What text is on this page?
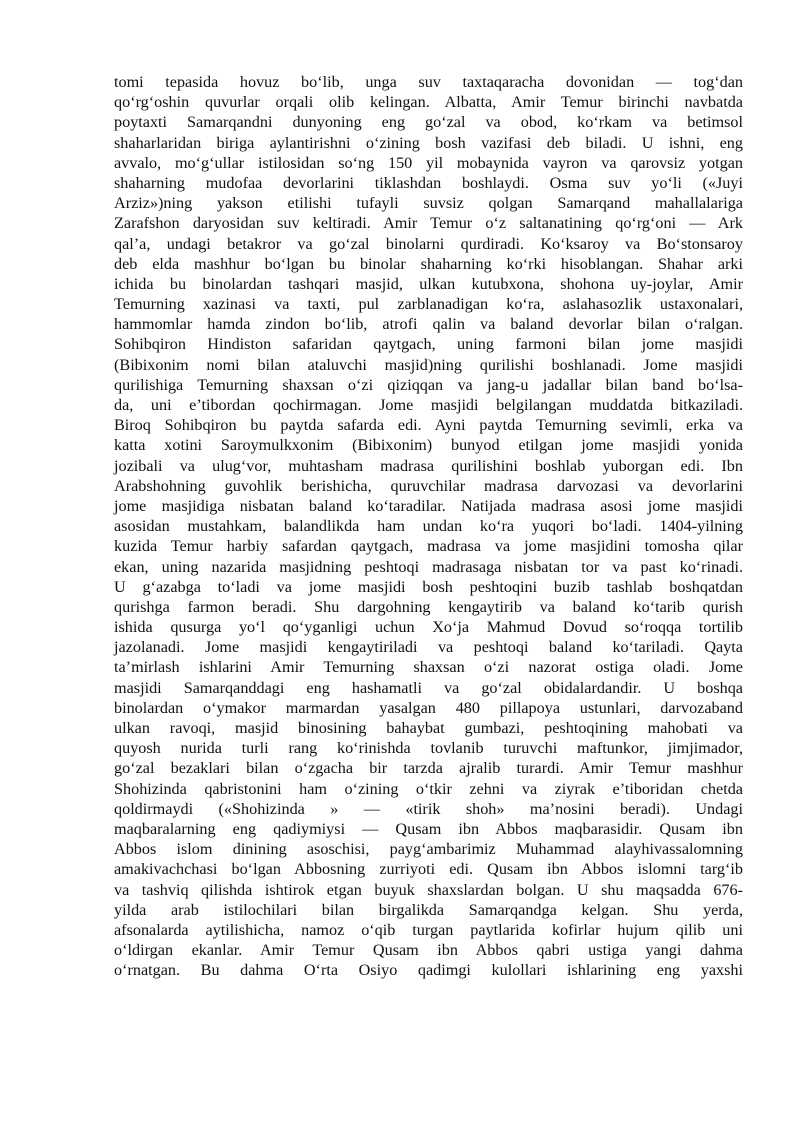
tomi tepasida hovuz bo‘lib, unga suv taxtaqaracha dovonidan — tog‘dan
qo‘rg‘oshin quvurlar orqali olib kelingan. Albatta, Amir Temur birinchi navbatda
poytaxti Samarqandni dunyoning eng go‘zal va obod, ko‘rkam va betimsol
shaharlaridan biriga aylantirishni o‘zining bosh vazifasi deb biladi. U ishni, eng
avvalo, mo‘g‘ullar istilosidan so‘ng 150 yil mobaynida vayron va qarovsiz yotgan
shaharning mudofaa devorlarini tiklashdan boshlaydi. Osma suv yo‘li («Juyi
Arziz»)ning yakson etilishi tufayli suvsiz qolgan Samarqand mahallalariga
Zarafshon daryosidan suv keltiradi. Amir Temur o‘z saltanatining qo‘rg‘oni — Ark
qal’a, undagi betakror va go‘zal binolarni qurdiradi. Ko‘ksaroy va Bo‘stonsaroy
deb elda mashhur bo‘lgan bu binolar shaharning ko‘rki hisoblangan. Shahar arki
ichida bu binolardan tashqari masjid, ulkan kutubxona, shohona uy-joylar, Amir
Temurning xazinasi va taxti, pul zarblanadigan ko‘ra, aslahasozlik ustaxonalari,
hammomlar hamda zindon bo‘lib, atrofi qalin va baland devorlar bilan o‘ralgan.
Sohibqiron Hindiston safaridan qaytgach, uning farmoni bilan jome masjidi
(Bibixonim nomi bilan ataluvchi masjid)ning qurilishi boshlanadi. Jome masjidi
qurilishiga Temurning shaxsan o‘zi qiziqqan va jang-u jadallar bilan band bo‘lsa-
da, uni e’tibordan qochirmagan. Jome masjidi belgilangan muddatda bitkaziladi.
Biroq Sohibqiron bu paytda safarda edi. Ayni paytda Temurning sevimli, erka va
katta xotini Saroymulkxonim (Bibixonim) bunyod etilgan jome masjidi yonida
jozibali va ulug‘vor, muhtasham madrasa qurilishini boshlab yuborgan edi. Ibn
Arabshohning guvohlik berishicha, quruvchilar madrasa darvozasi va devorlarini
jome masjidiga nisbatan baland ko‘taradilar. Natijada madrasa asosi jome masjidi
asosidan mustahkam, balandlikda ham undan ko‘ra yuqori bo‘ladi. 1404-yilning
kuzida Temur harbiy safardan qaytgach, madrasa va jome masjidini tomosha qilar
ekan, uning nazarida masjidning peshtoqi madrasaga nisbatan tor va past ko‘rinadi.
U g‘azabga to‘ladi va jome masjidi bosh peshtoqini buzib tashlab boshqatdan
qurishga farmon beradi. Shu dargohning kengaytirib va baland ko‘tarib qurish
ishida qusurga yo‘l qo‘yganligi uchun Xo‘ja Mahmud Dovud so‘roqqa tortilib
jazolanadi. Jome masjidi kengaytiriladi va peshtoqi baland ko‘tariladi. Qayta
ta’mirlash ishlarini Amir Temurning shaxsan o‘zi nazorat ostiga oladi. Jome
masjidi Samarqanddagi eng hashamatli va go‘zal obidalardandir. U boshqa
binolardan o‘ymakor marmardan yasalgan 480 pillapoya ustunlari, darvozaband
ulkan ravoqi, masjid binosining bahaybat gumbazi, peshtoqining mahobati va
quyosh nurida turli rang ko‘rinishda tovlanib turuvchi maftunkor, jimjimador,
go‘zal bezaklari bilan o‘zgacha bir tarzda ajralib turardi. Amir Temur mashhur
Shohizinda qabristonini ham o‘zining o‘tkir zehni va ziyrak e’tiboridan chetda
qoldirmaydi («Shohizinda » — «tirik shoh» ma’nosini beradi). Undagi
maqbaralarning eng qadiymiysi — Qusam ibn Abbos maqbarasidir. Qusam ibn
Abbos islom dinining asoschisi, payg‘ambarimiz Muhammad alayhivassalomning
amakivachchasi bo‘lgan Abbosning zurriyoti edi. Qusam ibn Abbos islomni targ‘ib
va tashviq qilishda ishtirok etgan buyuk shaxslardan bolgan. U shu maqsadda 676-
yilda arab istilochilari bilan birgalikda Samarqandga kelgan. Shu yerda,
afsonalarda aytilishicha, namoz o‘qib turgan paytlarida kofirlar hujum qilib uni
o‘ldirgan ekanlar. Amir Temur Qusam ibn Abbos qabri ustiga yangi dahma
o‘rnatgan. Bu dahma O‘rta Osiyo qadimgi kulollari ishlarining eng yaxshi
